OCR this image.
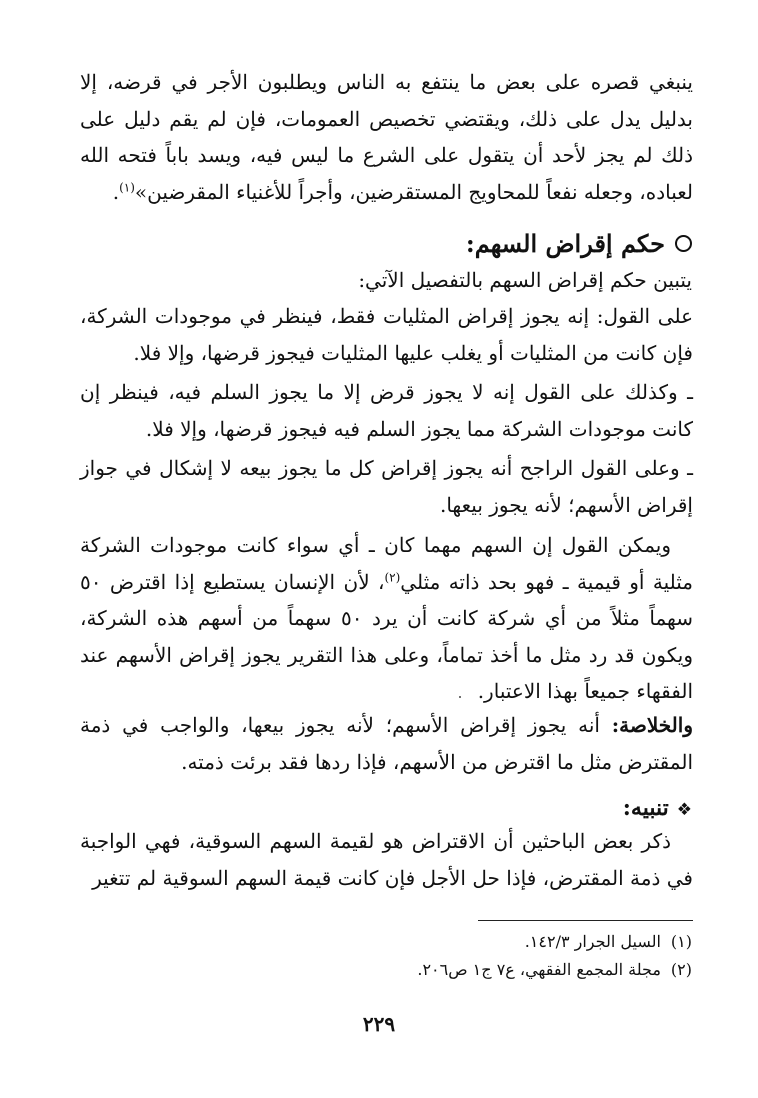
ينبغي قصره على بعض ما ينتفع به الناس ويطلبون الأجر في قرضه، إلا بدليل يدل على ذلك، ويقتضي تخصيص العمومات، فإن لم يقم دليل على ذلك لم يجز لأحد أن يتقول على الشرع ما ليس فيه، ويسد باباً فتحه الله لعباده، وجعله نفعاً للمحاويج المستقرضين، وأجراً للأغنياء المقرضين»$^{(١)}$.
حكم إقراض السهم:
يتبين حكم إقراض السهم بالتفصيل الآتي:
على القول: إنه يجوز إقراض المثليات فقط، فينظر في موجودات الشركة، فإن كانت من المثليات أو يغلب عليها المثليات فيجوز قرضها، وإلا فلا.
ـ وكذلك على القول إنه لا يجوز قرض إلا ما يجوز السلم فيه، فينظر إن كانت موجودات الشركة مما يجوز السلم فيه فيجوز قرضها، وإلا فلا.
ـ وعلى القول الراجح أنه يجوز إقراض كل ما يجوز بيعه لا إشكال في جواز إقراض الأسهم؛ لأنه يجوز بيعها.
ويمكن القول إن السهم مهما كان ـ أي سواء كانت موجودات الشركة مثلية أو قيمية ـ فهو بحد ذاته مثلي$^{(٢)}$، لأن الإنسان يستطيع إذا اقترض ٥٠ سهماً مثلاً من أي شركة كانت أن يرد ٥٠ سهماً من أسهم هذه الشركة، ويكون قد رد مثل ما أخذ تماماً، وعلى هذا التقرير يجوز إقراض الأسهم عند الفقهاء جميعاً بهذا الاعتبار.
والخلاصة: أنه يجوز إقراض الأسهم؛ لأنه يجوز بيعها، والواجب في ذمة المقترض مثل ما اقترض من الأسهم، فإذا ردها فقد برئت ذمته.
❖تنبيه:
ذكر بعض الباحثين أن الاقتراض هو لقيمة السهم السوقية، فهي الواجبة في ذمة المقترض، فإذا حل الأجل فإن كانت قيمة السهم السوقية لم تتغير
(١)السيل الجرار ١٤٢/٣.
(٢)مجلة المجمع الفقهي، ع٧ ج١ ص٢٠٦.
٢٢٩
